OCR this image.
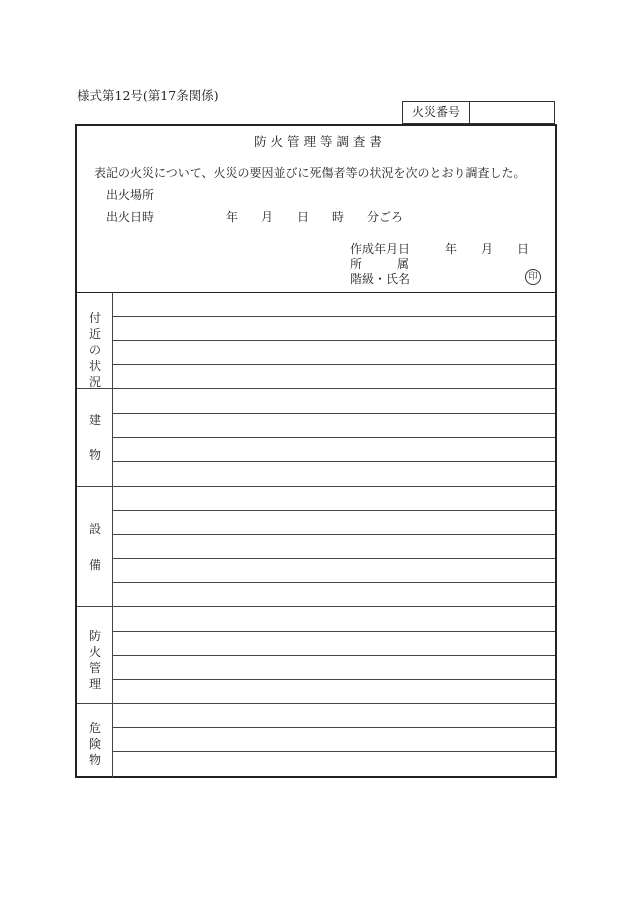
様式第12号(第17条関係)
火災番号
防 火 管 理 等 調 査 書
表記の火災について、火災の要因並びに死傷者等の状況を次のとおり調査した。
出火場所
出火日時	年 月 日 時 分ごろ
作成年月日	年 月 日
所	属
階級・氏名	印
付
近
の
状
況
建
物
設
備
防
火
管
理
危
険
物
